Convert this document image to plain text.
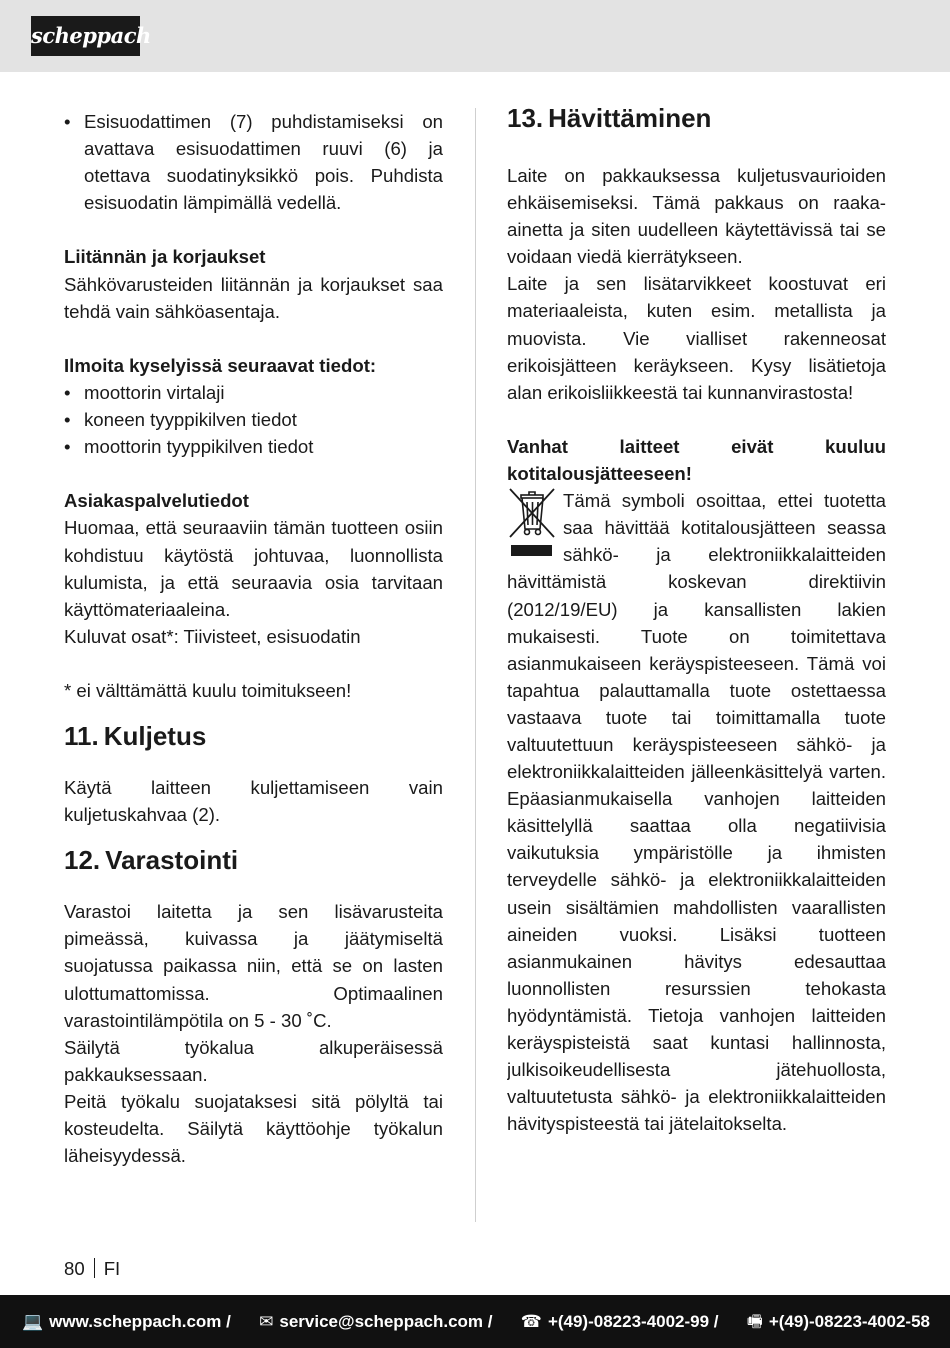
scheppach
• Esisuodattimen (7) puhdistamiseksi on avattava esisuodattimen ruuvi (6) ja otettava suodatinyksikkö pois. Puhdista esisuodatin lämpimällä vedellä.
Liitännän ja korjaukset
Sähkövarusteiden liitännän ja korjaukset saa tehdä vain sähköasentaja.
Ilmoita kyselyissä seuraavat tiedot:
• moottorin virtalaji
• koneen tyyppikilven tiedot
• moottorin tyyppikilven tiedot
Asiakaspalvelutiedot
Huomaa, että seuraaviin tämän tuotteen osiin kohdistuu käytöstä johtuvaa, luonnollista kulumista, ja että seuraavia osia tarvitaan käyttömateriaaleina.
Kuluvat osat*: Tiivisteet, esisuodatin
* ei välttämättä kuulu toimitukseen!
11. Kuljetus
Käytä laitteen kuljettamiseen vain kuljetuskahvaa (2).
12. Varastointi
Varastoi laitetta ja sen lisävarusteita pimeässä, kuivassa ja jäätymiseltä suojatussa paikassa niin, että se on lasten ulottumattomissa. Optimaalinen varastointilämpötila on 5 - 30 ˚C.
Säilytä työkalua alkuperäisessä pakkauksessaan.
Peitä työkalu suojataksesi sitä pölyltä tai kosteudelta. Säilytä käyttöohje työkalun läheisyydessä.
13. Hävittäminen
Laite on pakkauksessa kuljetusvaurioiden ehkäisemiseksi. Tämä pakkaus on raaka-ainetta ja siten uudelleen käytettävissä tai se voidaan viedä kierrätykseen.
Laite ja sen lisätarvikkeet koostuvat eri materiaaleista, kuten esim. metallista ja muovista. Vie vialliset rakenneosat erikoisjätteen keräykseen. Kysy lisätietoja alan erikoisliikkeestä tai kunnanvirastosta!
Vanhat laitteet eivät kuuluu kotitalousjätteeseen!
Tämä symboli osoittaa, ettei tuotetta saa hävittää kotitalousjätteen seassa sähkö- ja elektroniikkalaitteiden hävittämistä koskevan direktiivin (2012/19/EU) ja kansallisten lakien mukaisesti. Tuote on toimitettava asianmukaiseen keräyspisteeseen. Tämä voi tapahtua palauttamalla tuote ostettaessa vastaava tuote tai toimittamalla tuote valtuutettuun keräyspisteeseen sähkö- ja elektroniikkalaitteiden jälleenkäsittelyä varten. Epäasianmukaisella vanhojen laitteiden käsittelyllä saattaa olla negatiivisia vaikutuksia ympäristölle ja ihmisten terveydelle sähkö- ja elektroniikkalaitteiden usein sisältämien mahdollisten vaarallisten aineiden vuoksi. Lisäksi tuotteen asianmukainen hävitys edesauttaa luonnollisten resurssien tehokasta hyödyntämistä. Tietoja vanhojen laitteiden keräyspisteistä saat kuntasi hallinnosta, julkisoikeudellisesta jätehuollosta, valtuutetusta sähkö- ja elektroniikkalaitteiden hävityspisteestä tai jätelaitokselta.
80 FI
💻 www.scheppach.com / ✉ service@scheppach.com / ☎ +(49)-08223-4002-99 / 🖷 +(49)-08223-4002-58
